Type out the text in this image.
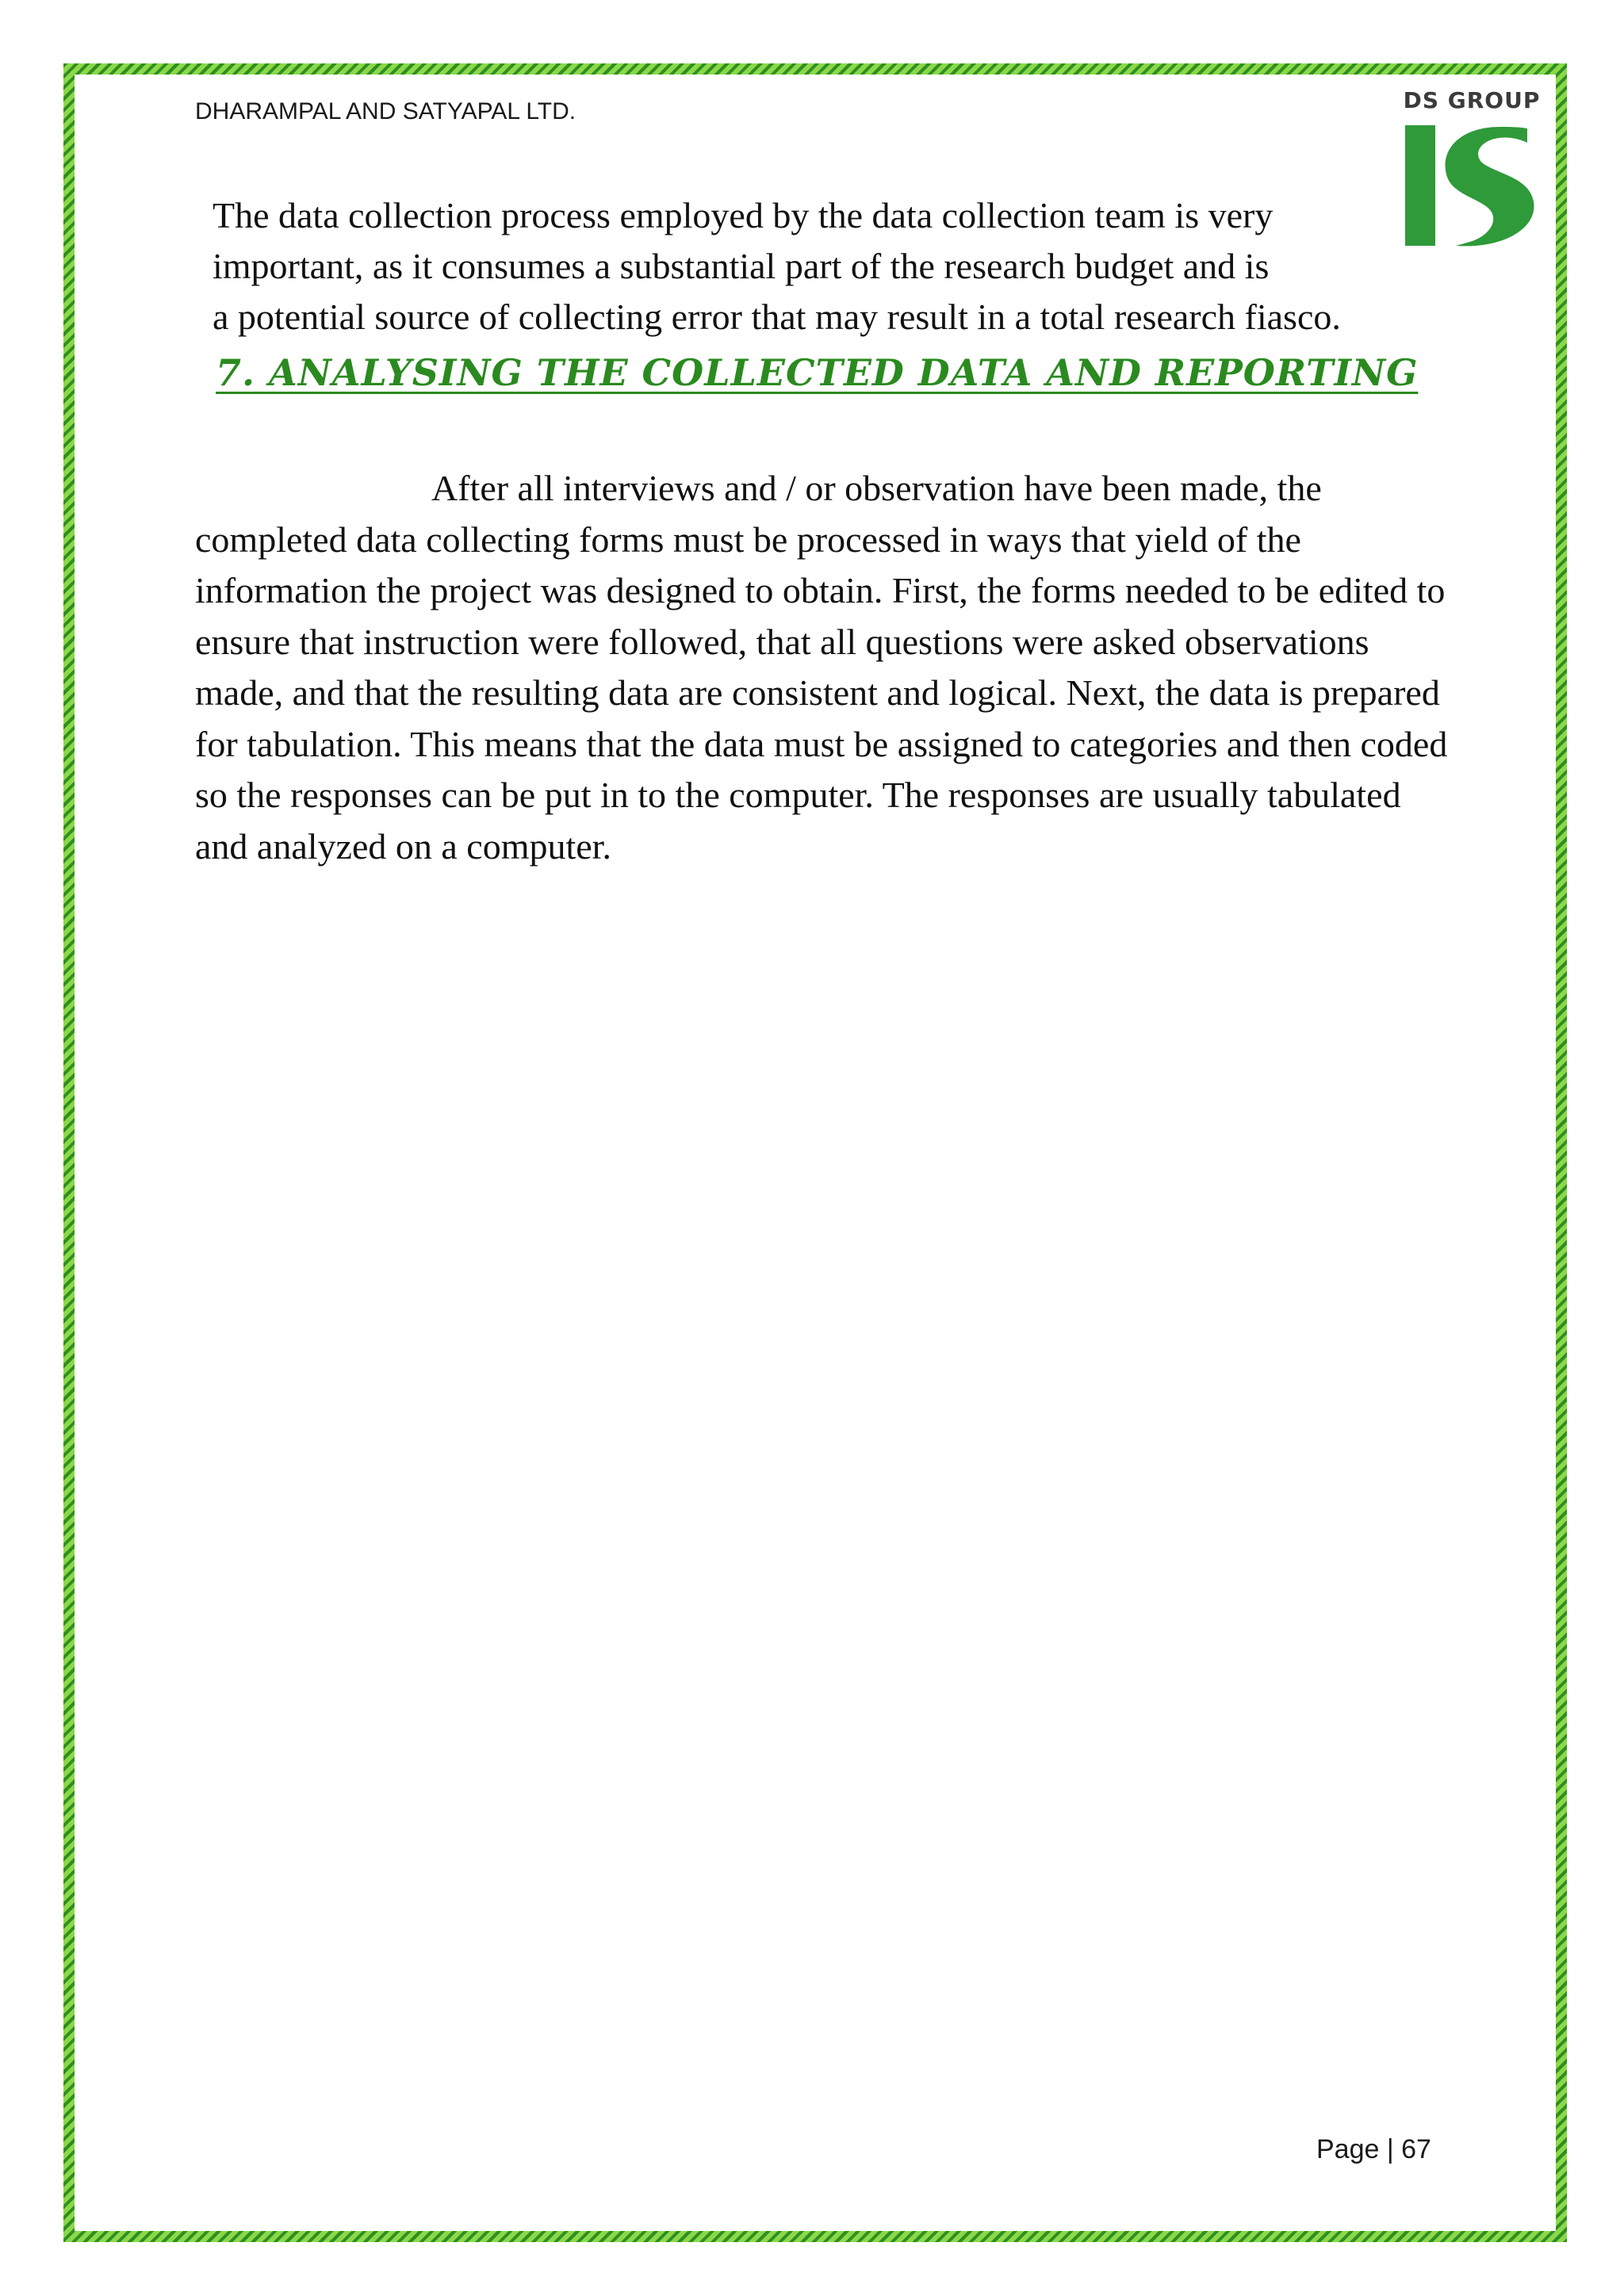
DHARAMPAL AND SATYAPAL LTD.	DS GROUP
The data collection process employed by the data collection team is very
important, as it consumes a substantial part of the research budget and is
a potential source of collecting error that may result in a total research fiasco.
7. ANALYSING THE COLLECTED DATA AND REPORTING

After all interviews and / or observation have been made, the completed data collecting forms must be processed in ways that yield of the information the project was designed to obtain. First, the forms needed to be edited to ensure that instruction were followed, that all questions were asked observations made, and that the resulting data are consistent and logical. Next, the data is prepared for tabulation. This means that the data must be assigned to categories and then coded so the responses can be put in to the computer. The responses are usually tabulated and analyzed on a computer.

Page | 67
